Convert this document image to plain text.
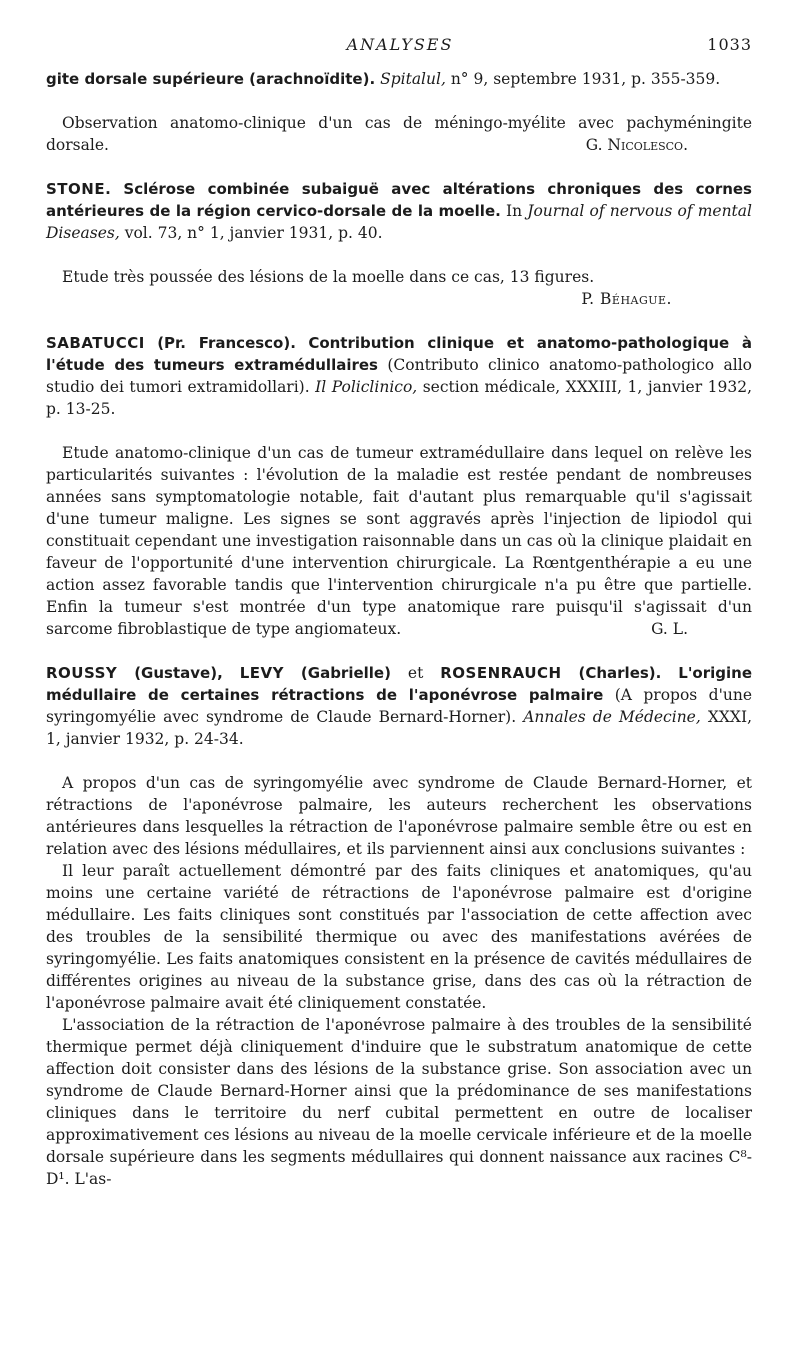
ANALYSES	1033

gite dorsale supérieure (arachnoïdite). Spitalul, n° 9, septembre 1931, p. 355-359.

Observation anatomo-clinique d'un cas de méningo-myélite avec pachyméningite dorsale.	G. Nicolesco.

STONE. Sclérose combinée subaiguë avec altérations chroniques des cornes antérieures de la région cervico-dorsale de la moelle. In Journal of nervous of mental Diseases, vol. 73, n° 1, janvier 1931, p. 40.

Etude très poussée des lésions de la moelle dans ce cas, 13 figures.

P. Béhague.

SABATUCCI (Pr. Francesco). Contribution clinique et anatomo-pathologique à l'étude des tumeurs extramédullaires (Contributo clinico anatomo-pathologico allo studio dei tumori extramidollari). Il Policlinico, section médicale, XXXIII, 1, janvier 1932, p. 13-25.

Etude anatomo-clinique d'un cas de tumeur extramédullaire dans lequel on relève les particularités suivantes : l'évolution de la maladie est restée pendant de nombreuses années sans symptomatologie notable, fait d'autant plus remarquable qu'il s'agissait d'une tumeur maligne. Les signes se sont aggravés après l'injection de lipiodol qui constituait cependant une investigation raisonnable dans un cas où la clinique plaidait en faveur de l'opportunité d'une intervention chirurgicale. La Rœntgenthérapie a eu une action assez favorable tandis que l'intervention chirurgicale n'a pu être que partielle. Enfin la tumeur s'est montrée d'un type anatomique rare puisqu'il s'agissait d'un sarcome fibroblastique de type angiomateux.	G. L.

ROUSSY (Gustave), LEVY (Gabrielle) et ROSENRAUCH (Charles). L'origine médullaire de certaines rétractions de l'aponévrose palmaire (A propos d'une syringomyélie avec syndrome de Claude Bernard-Horner). Annales de Médecine, XXXI, 1, janvier 1932, p. 24-34.

A propos d'un cas de syringomyélie avec syndrome de Claude Bernard-Horner, et rétractions de l'aponévrose palmaire, les auteurs recherchent les observations antérieures dans lesquelles la rétraction de l'aponévrose palmaire semble être ou est en relation avec des lésions médullaires, et ils parviennent ainsi aux conclusions suivantes :

Il leur paraît actuellement démontré par des faits cliniques et anatomiques, qu'au moins une certaine variété de rétractions de l'aponévrose palmaire est d'origine médullaire. Les faits cliniques sont constitués par l'association de cette affection avec des troubles de la sensibilité thermique ou avec des manifestations avérées de syringomyélie. Les faits anatomiques consistent en la présence de cavités médullaires de différentes origines au niveau de la substance grise, dans des cas où la rétraction de l'aponévrose palmaire avait été cliniquement constatée.

L'association de la rétraction de l'aponévrose palmaire à des troubles de la sensibilité thermique permet déjà cliniquement d'induire que le substratum anatomique de cette affection doit consister dans des lésions de la substance grise. Son association avec un syndrome de Claude Bernard-Horner ainsi que la prédominance de ses manifestations cliniques dans le territoire du nerf cubital permettent en outre de localiser approximativement ces lésions au niveau de la moelle cervicale inférieure et de la moelle dorsale supérieure dans les segments médullaires qui donnent naissance aux racines C⁸-D¹. L'as-
